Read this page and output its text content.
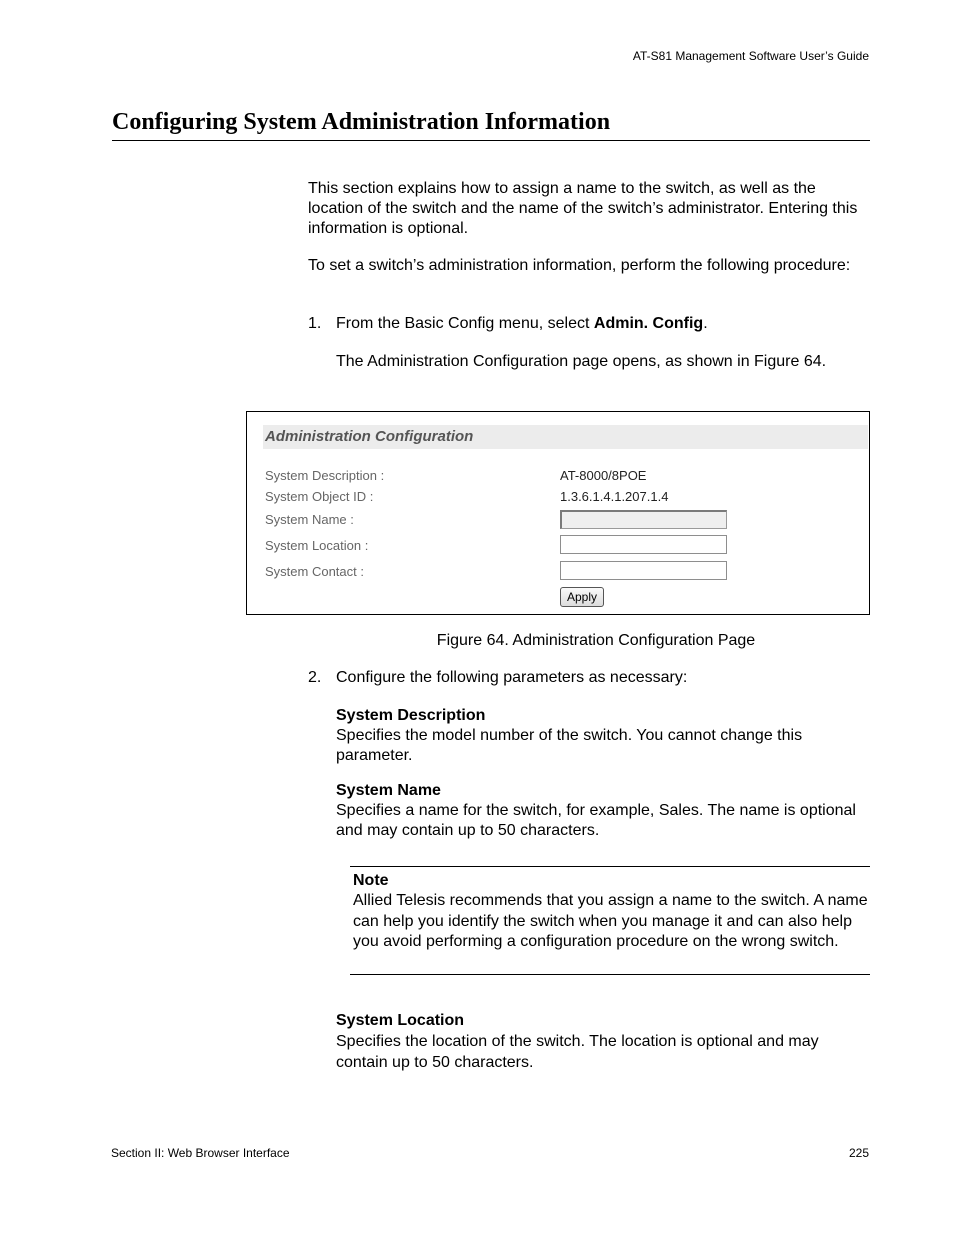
AT-S81 Management Software User’s Guide
Configuring System Administration Information

This section explains how to assign a name to the switch, as well as the location of the switch and the name of the switch’s administrator. Entering this information is optional.

To set a switch’s administration information, perform the following procedure:

1. From the Basic Config menu, select Admin. Config.
The Administration Configuration page opens, as shown in Figure 64.
Administration Configuration
System Description :	AT-8000/8POE
System Object ID :	1.3.6.1.4.1.207.1.4
System Name :
System Location :
System Contact :
Apply
Figure 64. Administration Configuration Page
2. Configure the following parameters as necessary:
System Description
Specifies the model number of the switch. You cannot change this parameter.
System Name
Specifies a name for the switch, for example, Sales. The name is optional and may contain up to 50 characters.
Note
Allied Telesis recommends that you assign a name to the switch. A name can help you identify the switch when you manage it and can also help you avoid performing a configuration procedure on the wrong switch.
System Location
Specifies the location of the switch. The location is optional and may contain up to 50 characters.
Section II: Web Browser Interface	225
